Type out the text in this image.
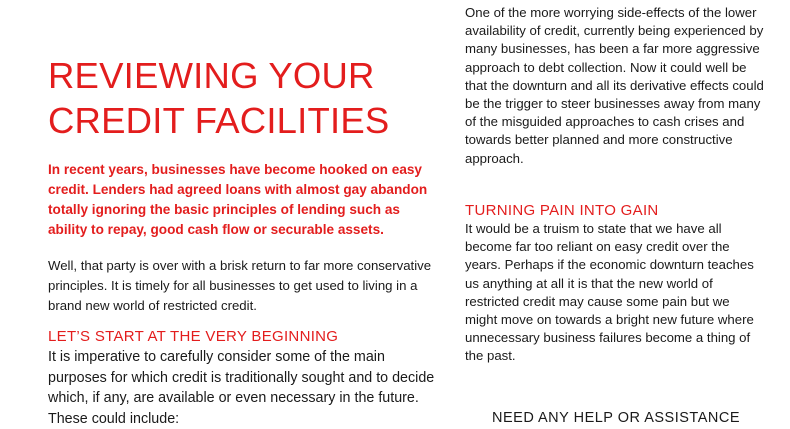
REVIEWING YOUR CREDIT FACILITIES

In recent years, businesses have become hooked on easy credit. Lenders had agreed loans with almost gay abandon totally ignoring the basic principles of lending such as ability to repay, good cash flow or securable assets.

Well, that party is over with a brisk return to far more conservative principles. It is timely for all businesses to get used to living in a brand new world of restricted credit.

LET’S START AT THE VERY BEGINNING

It is imperative to carefully consider some of the main purposes for which credit is traditionally sought and to decide which, if any, are available or even necessary in the future. These could include:

One of the more worrying side-effects of the lower availability of credit, currently being experienced by many businesses, has been a far more aggressive approach to debt collection. Now it could well be that the downturn and all its derivative effects could be the trigger to steer businesses away from many of the misguided approaches to cash crises and towards better planned and more constructive approach.

TURNING PAIN INTO GAIN

It would be a truism to state that we have all become far too reliant on easy credit over the years. Perhaps if the economic downturn teaches us anything at all it is that the new world of restricted credit may cause some pain but we might move on towards a bright new future where unnecessary business failures become a thing of the past.

NEED ANY HELP OR ASSISTANCE
